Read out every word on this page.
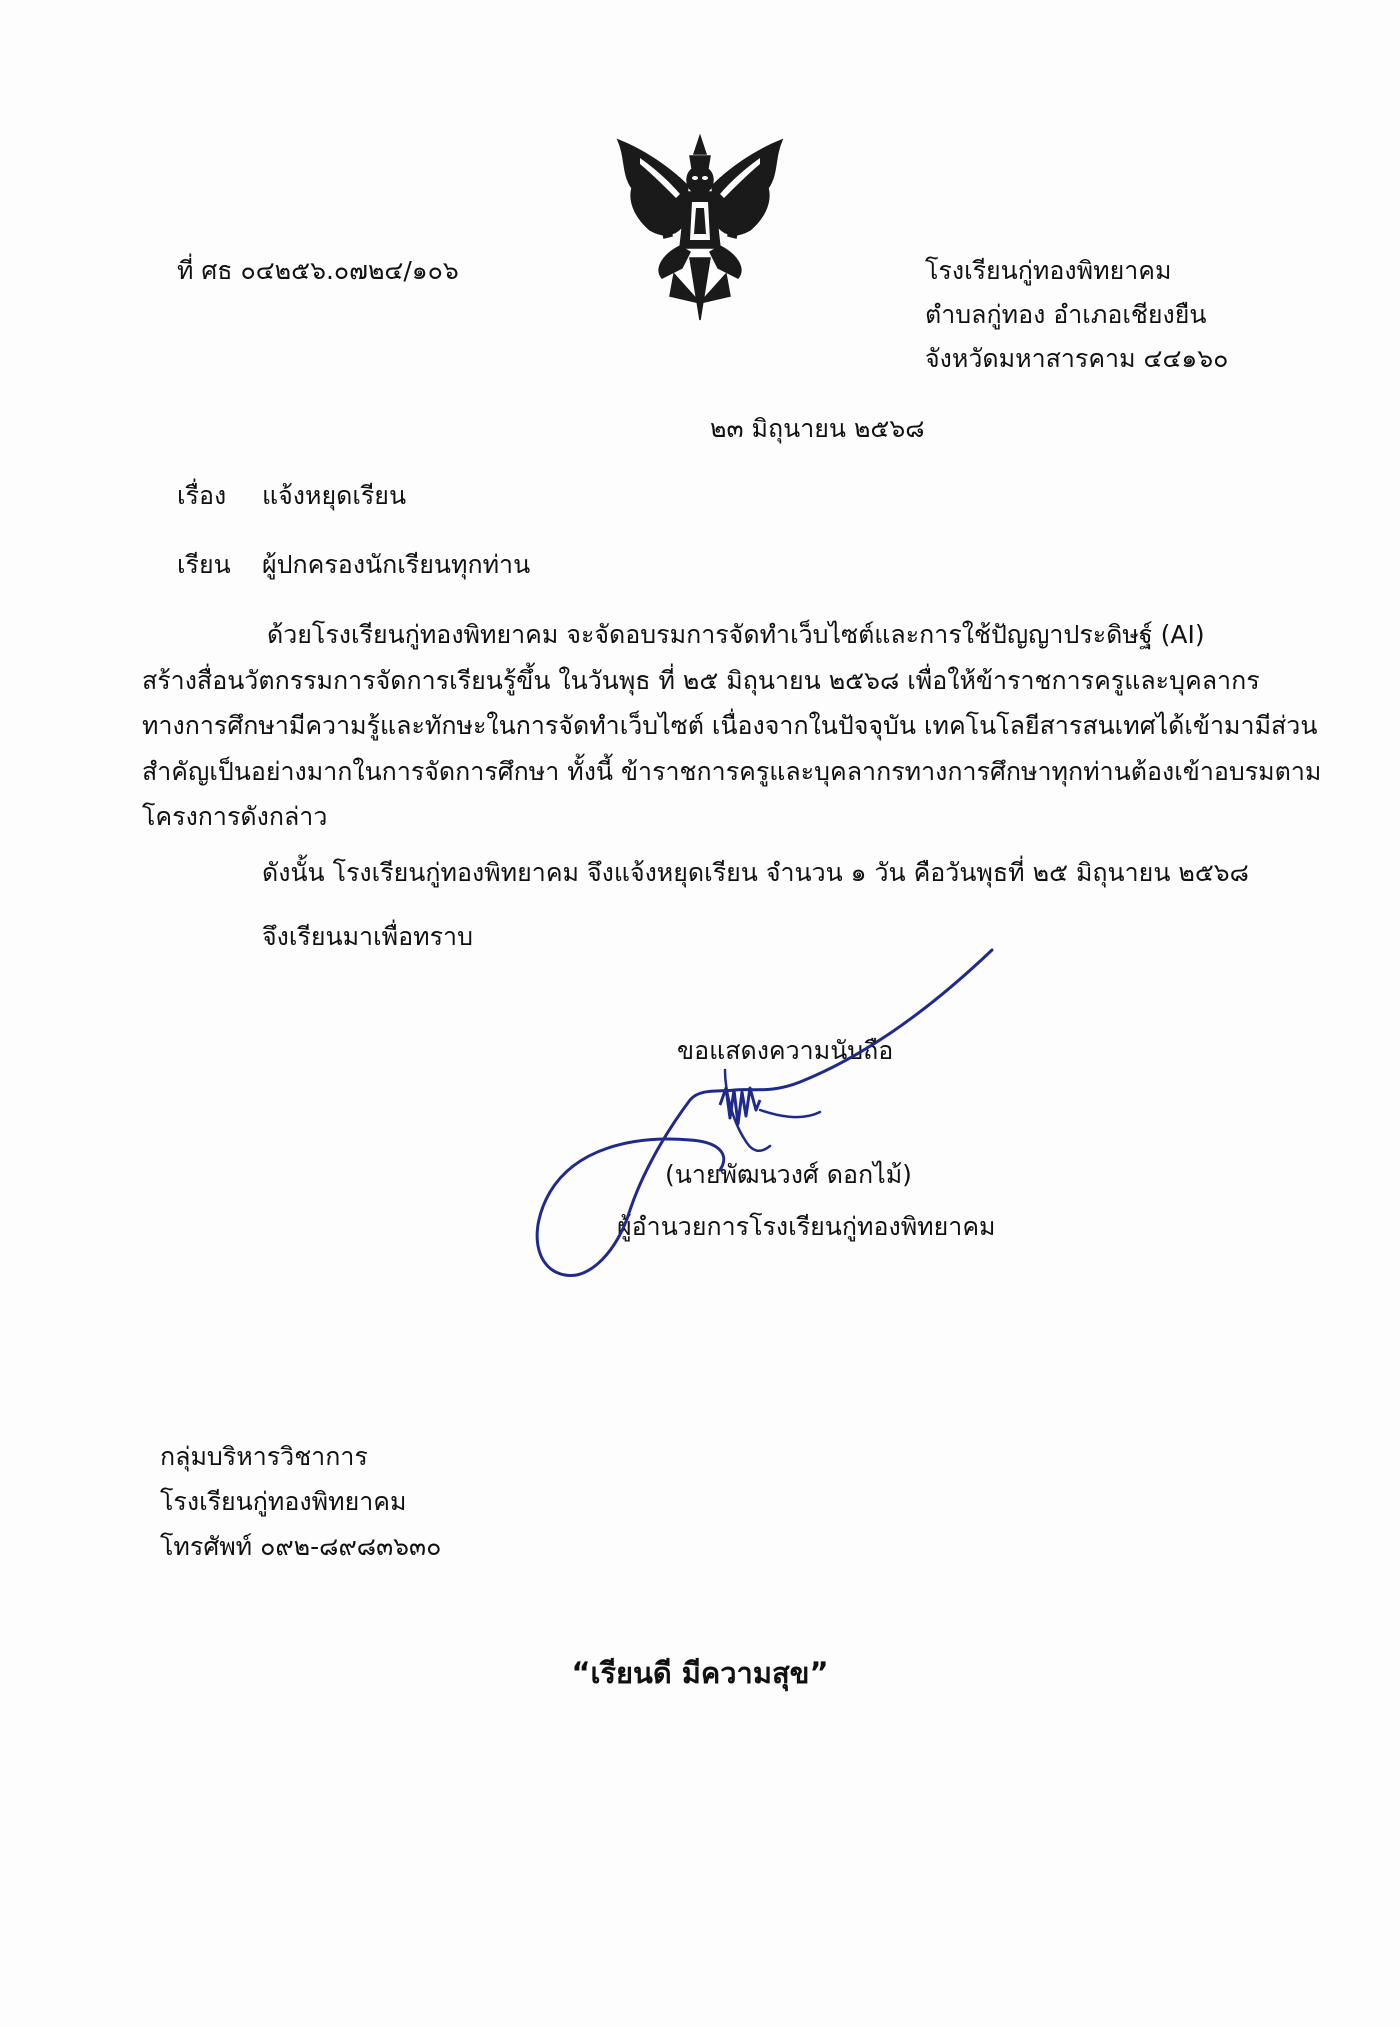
ที่ ศธ ๐๔๒๕๖.๐๗๒๔/๑๐๖	โรงเรียนกู่ทองพิทยาคม
ตำบลกู่ทอง อำเภอเชียงยืน
จังหวัดมหาสารคาม ๔๔๑๖๐
๒๓ มิถุนายน ๒๕๖๘
เรื่อง แจ้งหยุดเรียน
เรียน ผู้ปกครองนักเรียนทุกท่าน
ด้วยโรงเรียนกู่ทองพิทยาคม จะจัดอบรมการจัดทำเว็บไซต์และการใช้ปัญญาประดิษฐ์ (AI)
สร้างสื่อนวัตกรรมการจัดการเรียนรู้ขึ้น ในวันพุธ ที่ ๒๕ มิถุนายน ๒๕๖๘ เพื่อให้ข้าราชการครูและบุคลากร
ทางการศึกษามีความรู้และทักษะในการจัดทำเว็บไซต์ เนื่องจากในปัจจุบัน เทคโนโลยีสารสนเทศได้เข้ามามีส่วน
สำคัญเป็นอย่างมากในการจัดการศึกษา ทั้งนี้ ข้าราชการครูและบุคลากรทางการศึกษาทุกท่านต้องเข้าอบรมตาม
โครงการดังกล่าว
ดังนั้น โรงเรียนกู่ทองพิทยาคม จึงแจ้งหยุดเรียน จำนวน ๑ วัน คือวันพุธที่ ๒๕ มิถุนายน ๒๕๖๘
จึงเรียนมาเพื่อทราบ
ขอแสดงความนับถือ
(นายพัฒนวงศ์ ดอกไม้)
ผู้อำนวยการโรงเรียนกู่ทองพิทยาคม
กลุ่มบริหารวิชาการ
โรงเรียนกู่ทองพิทยาคม
โทรศัพท์ ๐๙๒-๘๙๘๓๖๓๐
“เรียนดี มีความสุข”
